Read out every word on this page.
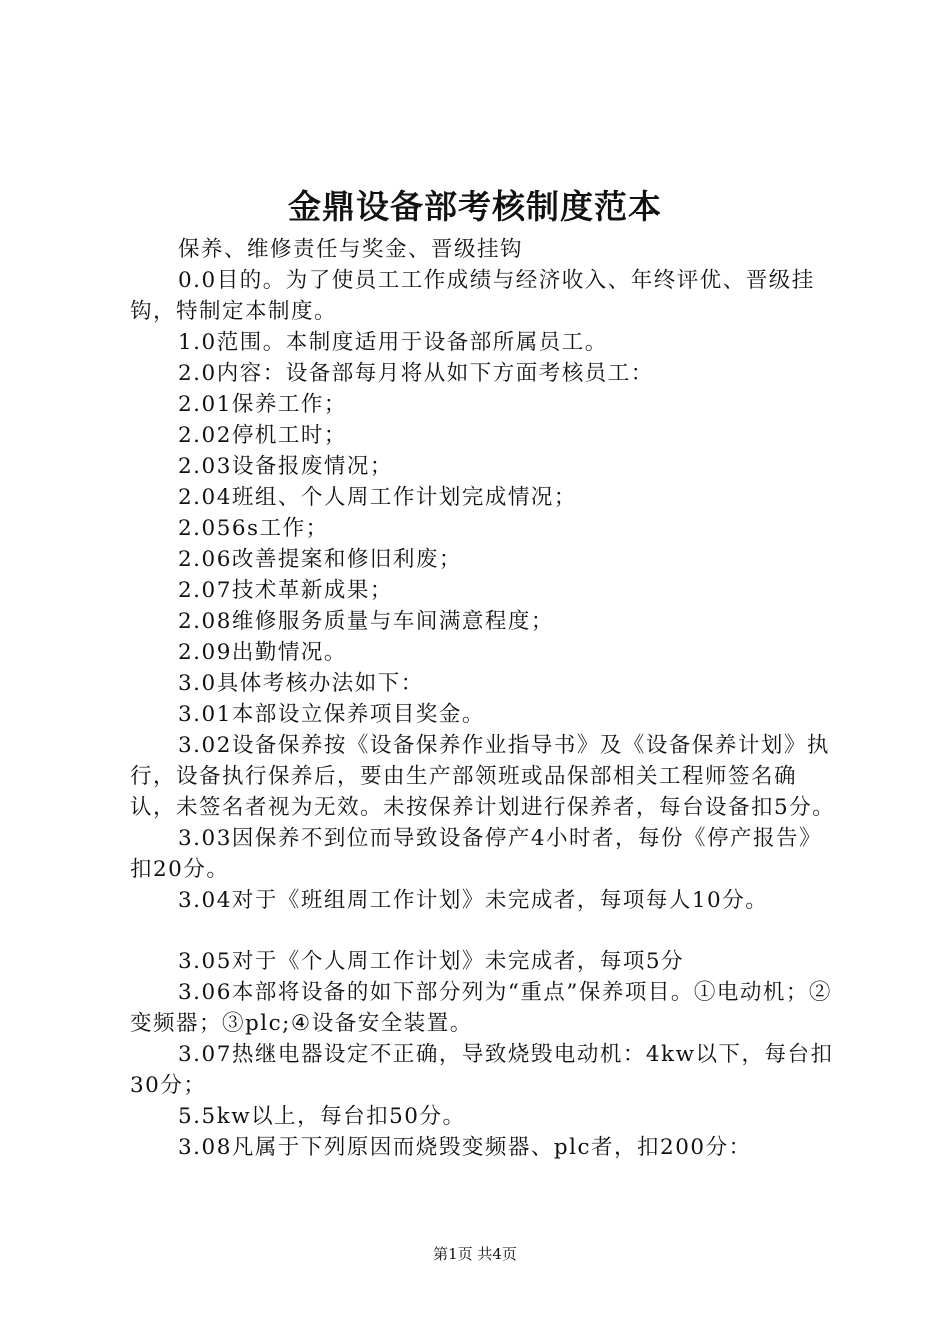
金鼎设备部考核制度范本

保养、维修责任与奖金、晋级挂钩

0.0目的。为了使员工工作成绩与经济收入、年终评优、晋级挂钩，特制定本制度。

1.0范围。本制度适用于设备部所属员工。

2.0内容：设备部每月将从如下方面考核员工：

2.01保养工作；

2.02停机工时；

2.03设备报废情况；

2.04班组、个人周工作计划完成情况；

2.056s工作；

2.06改善提案和修旧利废；

2.07技术革新成果；

2.08维修服务质量与车间满意程度；

2.09出勤情况。

3.0具体考核办法如下：

3.01本部设立保养项目奖金。

3.02设备保养按《设备保养作业指导书》及《设备保养计划》执行，设备执行保养后，要由生产部领班或品保部相关工程师签名确认，未签名者视为无效。未按保养计划进行保养者，每台设备扣5分。

3.03因保养不到位而导致设备停产4小时者，每份《停产报告》扣20分。

3.04对于《班组周工作计划》未完成者，每项每人10分。

3.05对于《个人周工作计划》未完成者，每项5分

3.06本部将设备的如下部分列为“重点”保养项目。①电动机；②变频器；③plc;④设备安全装置。

3.07热继电器设定不正确，导致烧毁电动机：4kw以下，每台扣30分；

5.5kw以上，每台扣50分。

3.08凡属于下列原因而烧毁变频器、plc者，扣200分：

第1页 共4页
